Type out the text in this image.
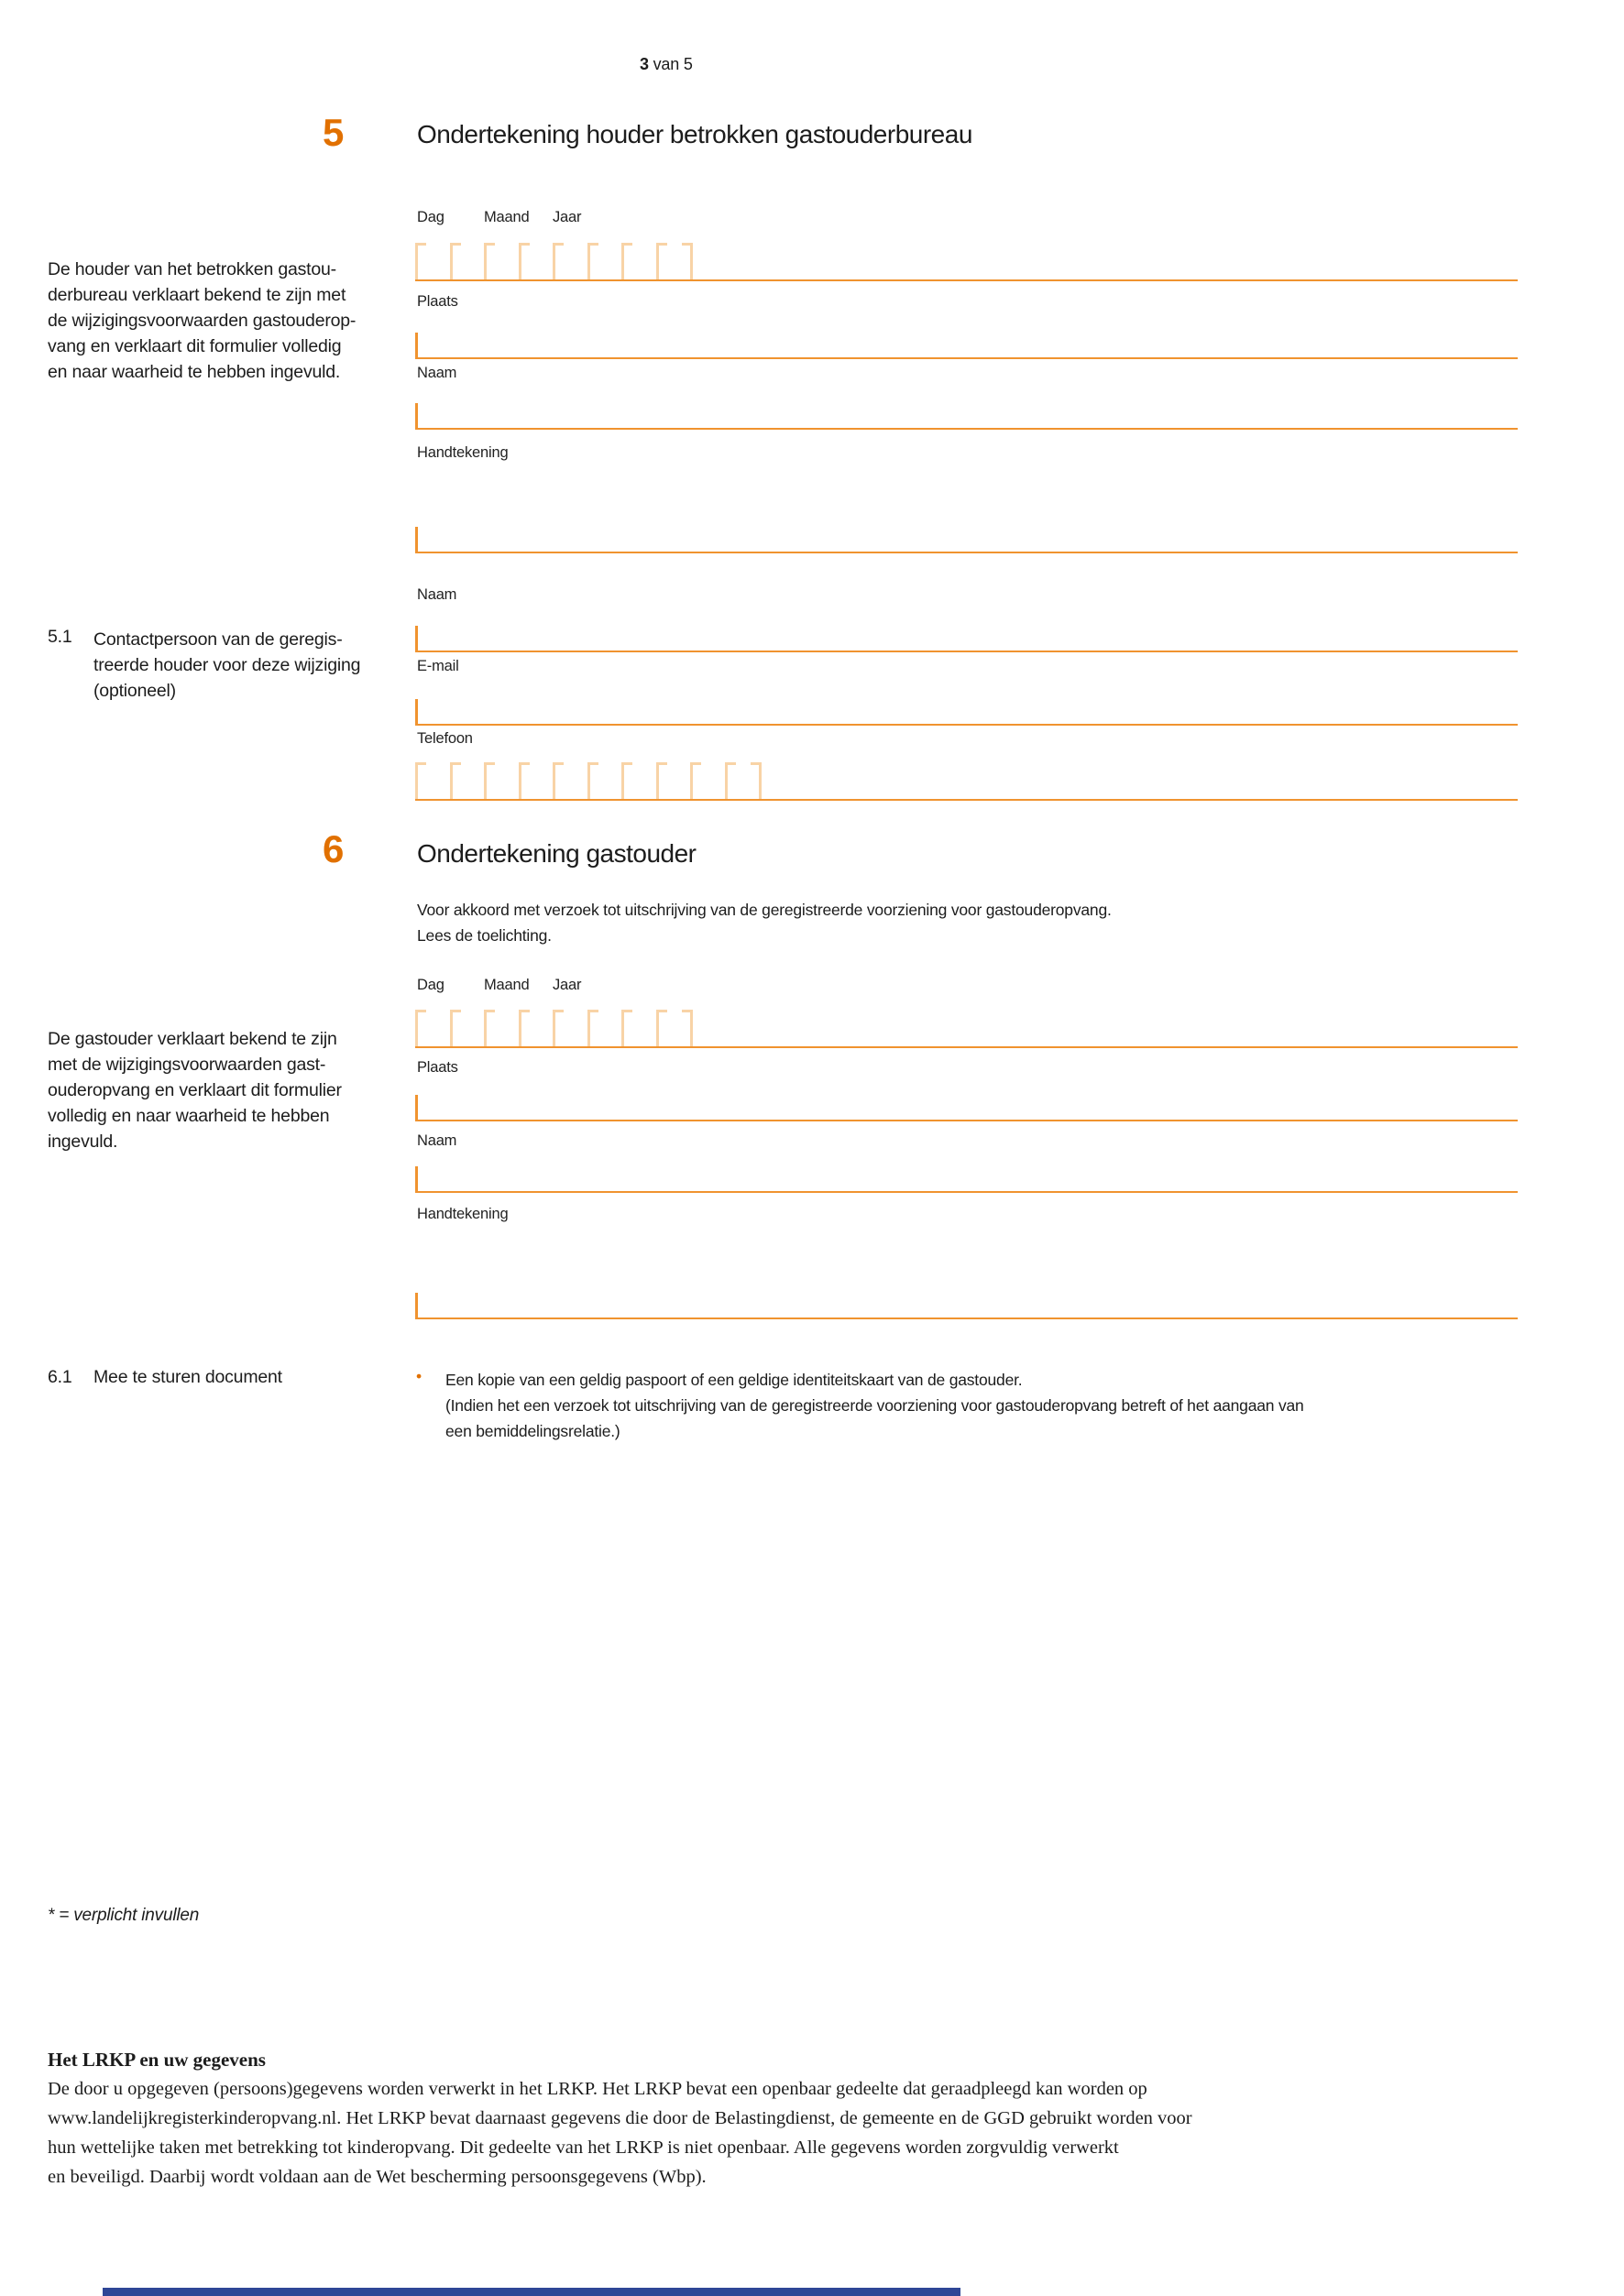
3 van 5
5	Ondertekening houder betrokken gastouderbureau
De houder van het betrokken gastou-
derbureau verklaart bekend te zijn met
de wijzigingsvoorwaarden gastouderop-
vang en verklaart dit formulier volledig
en naar waarheid te hebben ingevuld.
Dag	Maand Jaar
Plaats
Naam
Handtekening
5.1 Contactpersoon van de geregis-
treerde houder voor deze wijziging
(optioneel)
Naam
E-mail
Telefoon
6	Ondertekening gastouder
Voor akkoord met verzoek tot uitschrijving van de geregistreerde voorziening voor gastouderopvang.
Lees de toelichting.
De gastouder verklaart bekend te zijn
met de wijzigingsvoorwaarden gast-
ouderopvang en verklaart dit formulier
volledig en naar waarheid te hebben
ingevuld.
Dag	Maand Jaar
Plaats
Naam
Handtekening
6.1 Mee te sturen document	• Een kopie van een geldig paspoort of een geldige identiteitskaart van de gastouder.
(Indien het een verzoek tot uitschrijving van de geregistreerde voorziening voor gastouderopvang betreft of het aangaan van
een bemiddelingsrelatie.)
* = verplicht invullen
Het LRKP en uw gegevens
De door u opgegeven (persoons)gegevens worden verwerkt in het LRKP. Het LRKP bevat een openbaar gedeelte dat geraadpleegd kan worden op
www.landelijkregisterkinderopvang.nl. Het LRKP bevat daarnaast gegevens die door de Belastingdienst, de gemeente en de GGD gebruikt worden voor
hun wettelijke taken met betrekking tot kinderopvang. Dit gedeelte van het LRKP is niet openbaar. Alle gegevens worden zorgvuldig verwerkt
en beveiligd. Daarbij wordt voldaan aan de Wet bescherming persoonsgegevens (Wbp).
